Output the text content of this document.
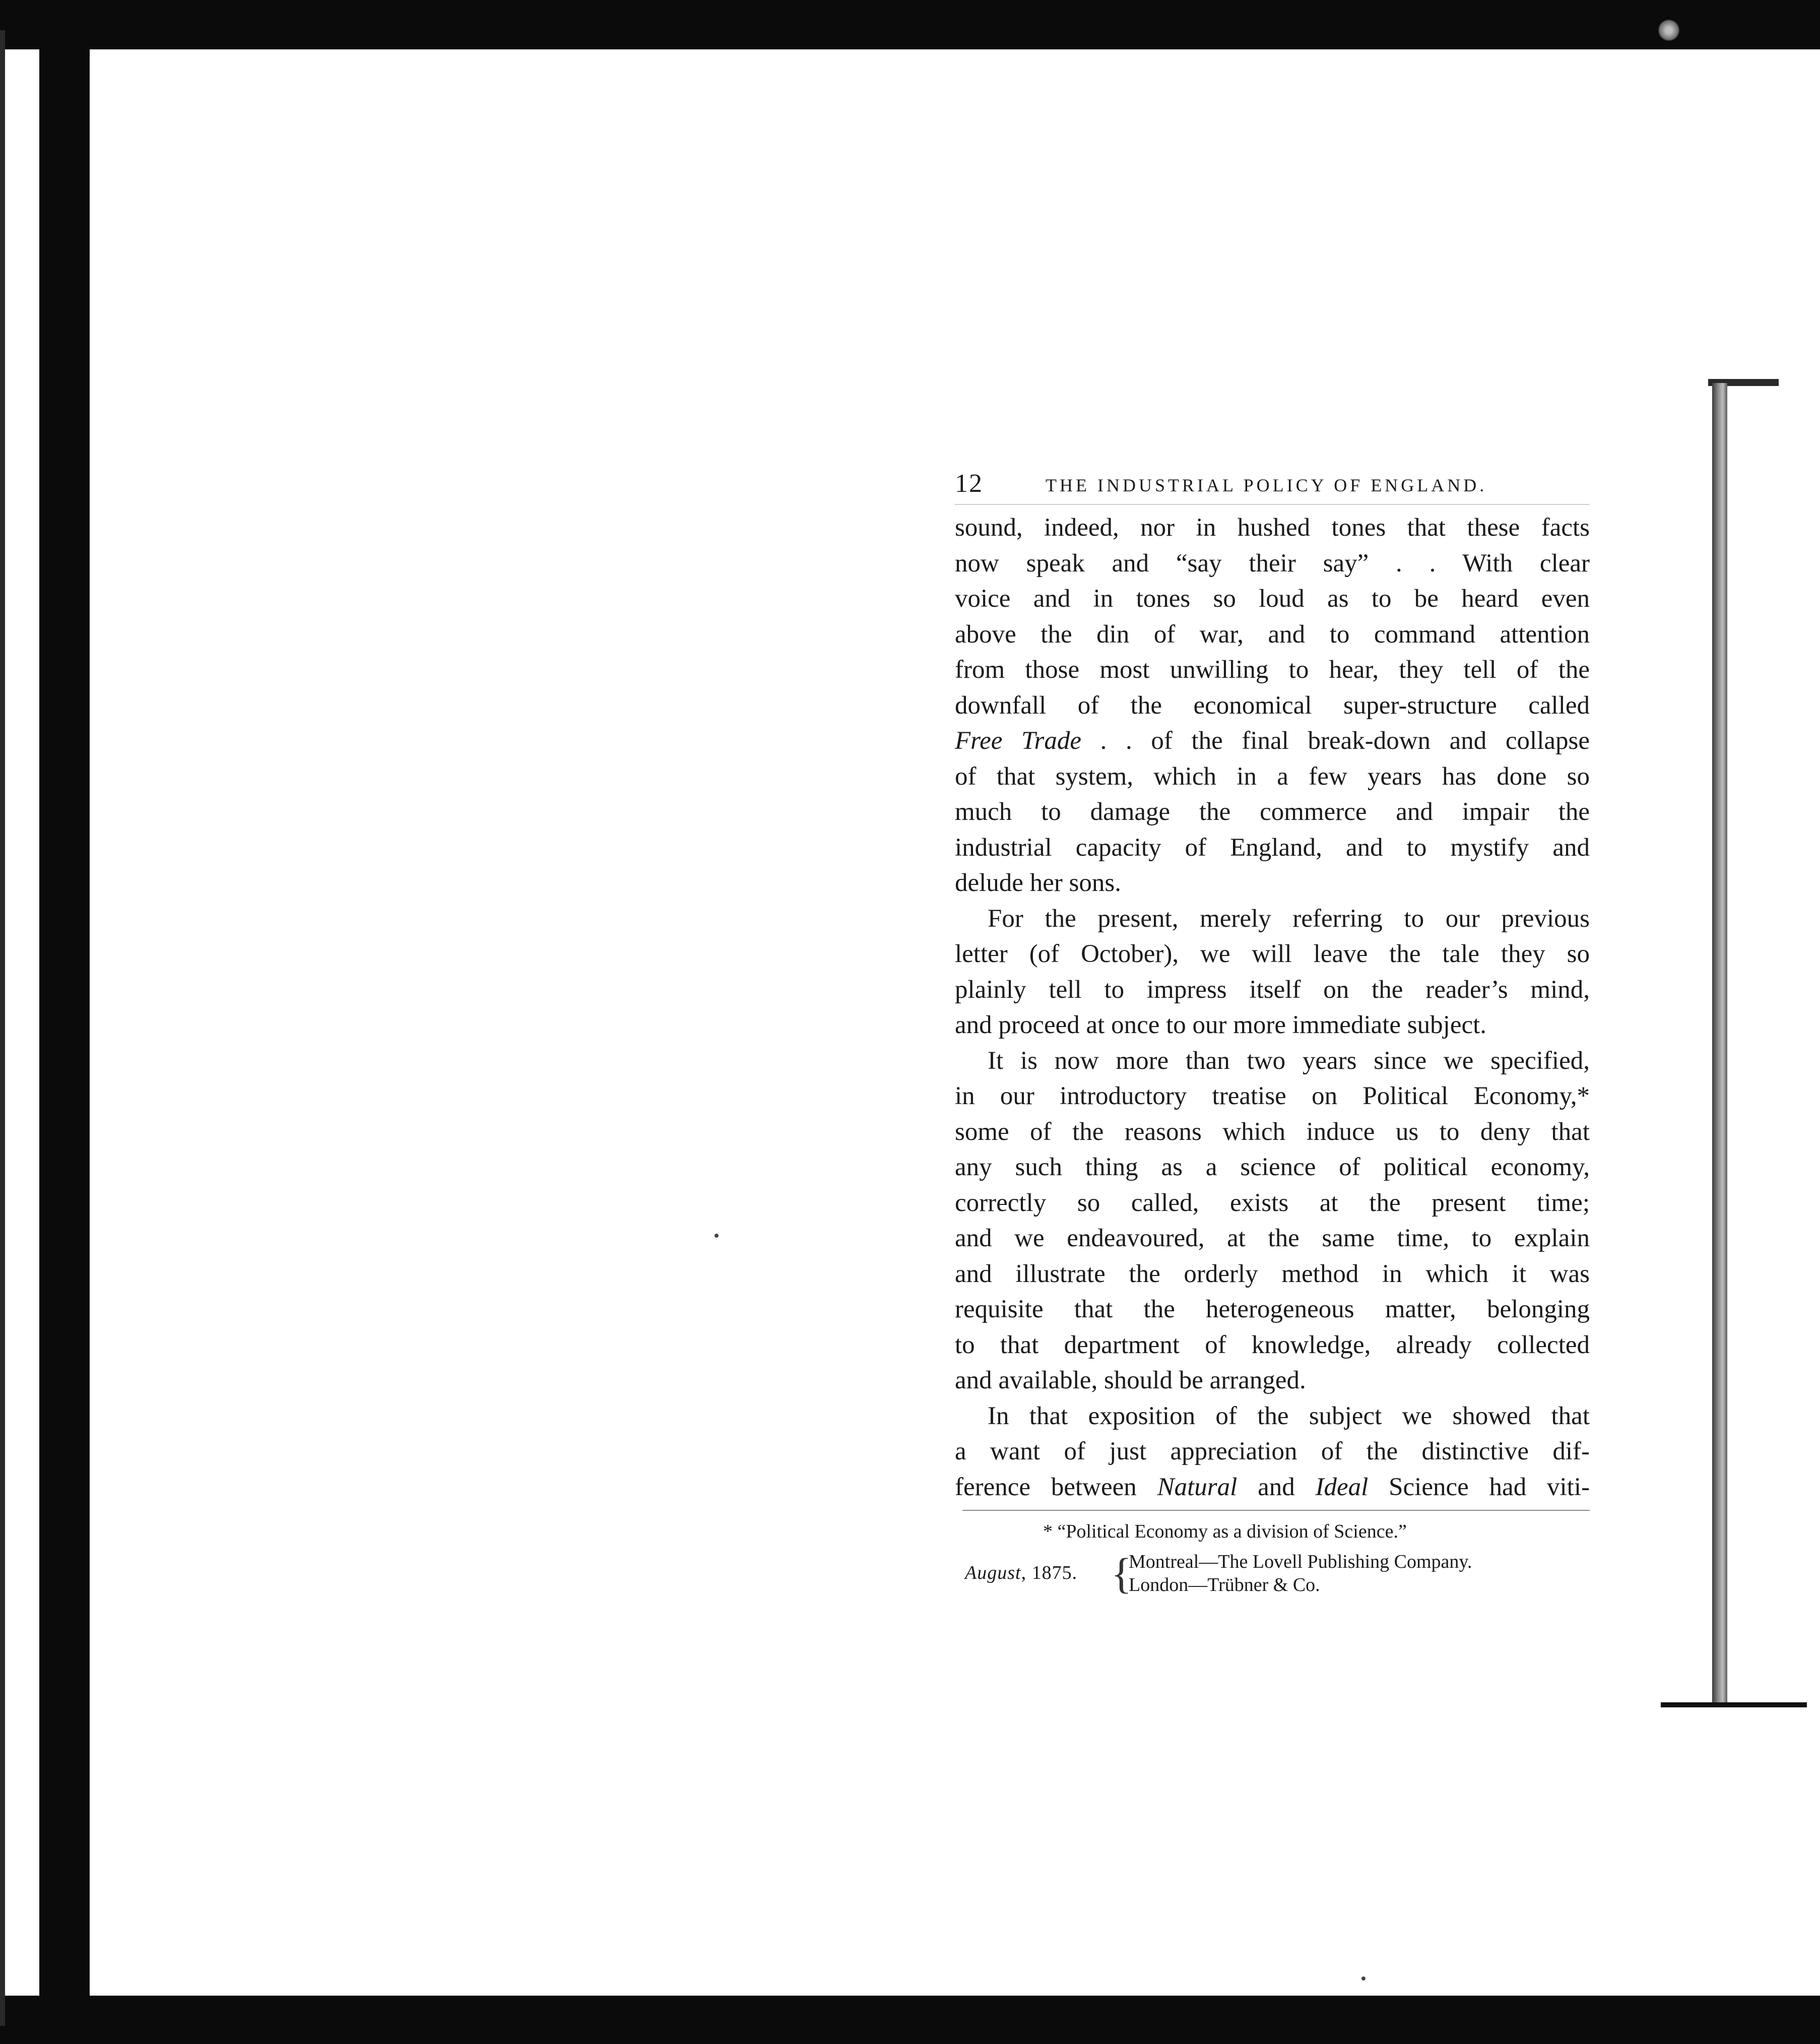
12	THE INDUSTRIAL POLICY OF ENGLAND.
sound, indeed, nor in hushed tones that these facts
now speak and “say their say” . . With clear
voice and in tones so loud as to be heard even
above the din of war, and to command attention
from those most unwilling to hear, they tell of the
downfall of the economical super-structure called
Free Trade . . of the final break-down and collapse
of that system, which in a few years has done so
much to damage the commerce and impair the
industrial capacity of England, and to mystify and
delude her sons.
For the present, merely referring to our previous
letter (of October), we will leave the tale they so
plainly tell to impress itself on the reader’s mind,
and proceed at once to our more immediate subject.
It is now more than two years since we specified,
in our introductory treatise on Political Economy,*
some of the reasons which induce us to deny that
any such thing as a science of political economy,
correctly so called, exists at the present time;
and we endeavoured, at the same time, to explain
and illustrate the orderly method in which it was
requisite that the heterogeneous matter, belonging
to that department of knowledge, already collected
and available, should be arranged.
In that exposition of the subject we showed that
a want of just appreciation of the distinctive dif-
ference between Natural and Ideal Science had viti-
* “Political Economy as a division of Science.”
August, 1875. {
Montreal—The Lovell Publishing Company.
London—Trübner & Co.
